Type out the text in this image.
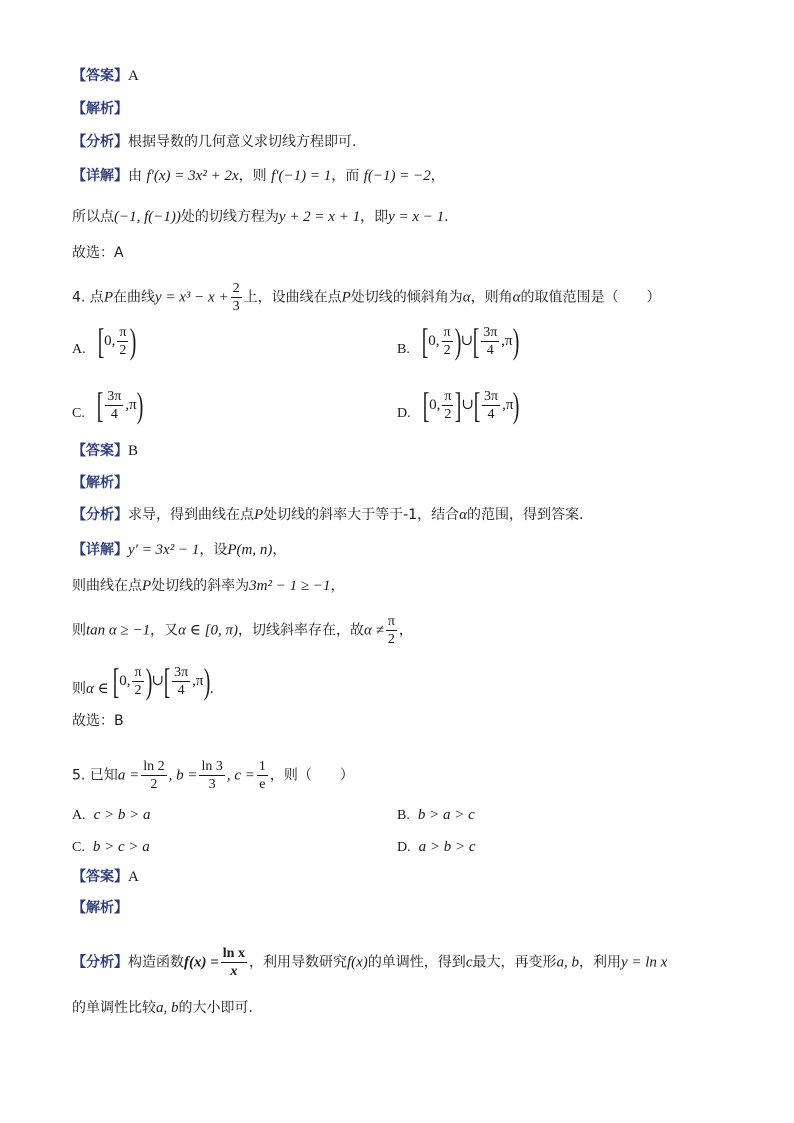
【答案】A
【解析】
【分析】根据导数的几何意义求切线方程即可.
【详解】由 f′(x) = 3x² + 2x，则 f′(−1) = 1，而 f(−1) = −2，
所以点(−1, f(−1))处的切线方程为y + 2 = x + 1，即y = x − 1.
故选：A
4. 点P在曲线$y = x^3 - x + \frac{2}{3}$ 上，设曲线在点P处切线的倾斜角为α，则角α的取值范围是（　　）
A. [ 0, $\frac{\pi}{2}$ )	B. [ 0, $\frac{\pi}{2}$ ) ∪ [ $\frac{3\pi}{4} ,\pi$ )
C. [ $\frac{3\pi}{4} ,\pi$ )	D. [ 0, $\frac{\pi}{2}$ ] ∪ [ $\frac{3\pi}{4} ,\pi$ )
【答案】B
【解析】
【分析】求导，得到曲线在点P处切线的斜率大于等于-1，结合α的范围，得到答案.
【详解】y′ = 3x² − 1，设P(m, n)，
则曲线在点P处切线的斜率为3m² − 1 ≥ −1，
则tan α ≥ −1，又α ∈ [0, π)，切线斜率存在，故$\alpha \ne \frac{\pi}{2}$ ，
则α ∈ [ 0, $\frac{\pi}{2}$ ) ∪ [ $\frac{3\pi}{4} ,\pi$ ) .
故选：B
5. 已知$a = \frac{\ln 2}{2}$ , $b = \frac{\ln 3}{3}$ , $c = \frac{1}{e}$ ，则（　　）
A. c > b > a	B. b > a > c
C. b > c > a	D. a > b > c
【答案】A
【解析】
【分析】构造函数$f(x) = \frac{\text{ln x}}{x}$ ，利用导数研究f(x)的单调性，得到c最大，再变形a, b，利用y = ln x
的单调性比较a, b的大小即可.
